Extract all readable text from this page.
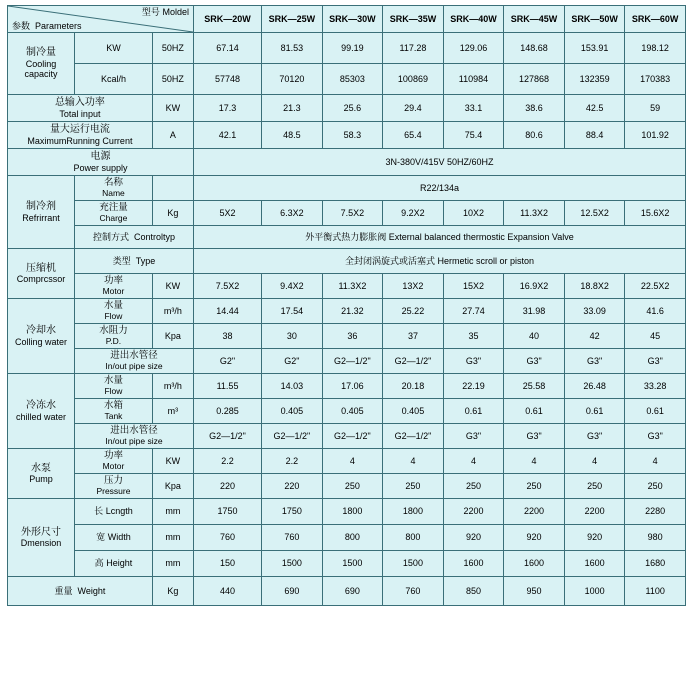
型号 Moldel
参数 Parameters			SRK—20W	SRK—25W	SRK—30W	SRK—35W	SRK—40W	SRK—45W	SRK—50W	SRK—60W

制冷量
Cooling capacity	KW	50HZ	67.14	81.53	99.19	117.28	129.06	148.68	153.91	198.12
	Kcal/h	50HZ	57748	70120	85303	100869	110984	127868	132359	170383

总输入功率
Total input		KW	17.3	21.3	25.6	29.4	33.1	38.6	42.5	59

量大运行电流
MaximumRunning Current		A	42.1	48.5	58.3	65.4	75.4	80.6	88.4	101.92

电源
Power supply			3N-380V/415V 50HZ/60HZ							

制冷剂
Refrirrant	名称
Name		R22/134a							

	充注量
Charge	Kg	5X2	6.3X2	7.5X2	9.2X2	10X2	11.3X2	12.5X2	15.6X2
	控制方式 Controltyp		外平衡式热力膨胀阀 External balanced thermostic Expansion Valve							

压缩机
Comprcssor	类型 Type		全封闭涡旋式或活塞式 Hermetic scroll or piston							

	功率
Motor	KW	7.5X2	9.4X2	11.3X2	13X2	15X2	16.9X2	18.8X2	22.5X2

冷却水
Colling water	水量
Flow	m³/h	14.44	17.54	21.32	25.22	27.74	31.98	33.09	41.6

	水阻力
P.D.	Kpa	38	30	36	37	35	40	42	45

	进出水管径
In/out pipe size		G2"	G2"	G2—1/2"	G2—1/2"	G3"	G3"	G3"	G3"

冷冻水
chilled water	水量
Flow	m³/h	11.55	14.03	17.06	20.18	22.19	25.58	26.48	33.28

	水箱
Tank	m³	0.285	0.405	0.405	0.405	0.61	0.61	0.61	0.61

	进出水管径
In/out pipe size		G2—1/2"	G2—1/2"	G2—1/2"	G2—1/2"	G3"	G3"	G3"	G3"

水泵
Pump	功率
Motor	KW	2.2	2.2	4	4	4	4	4	4

	压力
Pressure	Kpa	220	220	250	250	250	250	250	250

外形尺寸
Dmension	长 Lcngth	mm	1750	1750	1800	1800	2200	2200	2200	2280
	宽 Width	mm	760	760	800	800	920	920	920	980
	高 Height	mm	150	1500	1500	1500	1600	1600	1600	1680
重量 Weight		Kg	440	690	690	760	850	950	1000	1100
